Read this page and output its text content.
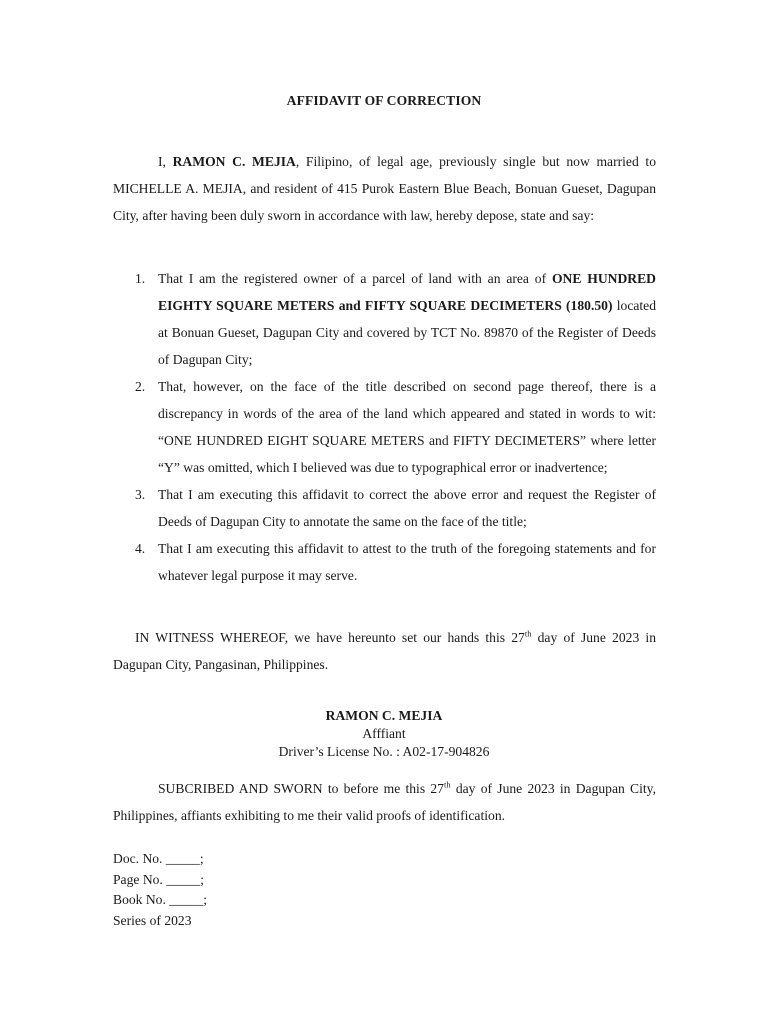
AFFIDAVIT OF CORRECTION

I, RAMON C. MEJIA, Filipino, of legal age, previously single but now married to MICHELLE A. MEJIA, and resident of 415 Purok Eastern Blue Beach, Bonuan Gueset, Dagupan City, after having been duly sworn in accordance with law, hereby depose, state and say:

1. That I am the registered owner of a parcel of land with an area of ONE HUNDRED EIGHTY SQUARE METERS and FIFTY SQUARE DECIMETERS (180.50) located at Bonuan Gueset, Dagupan City and covered by TCT No. 89870 of the Register of Deeds of Dagupan City;
2. That, however, on the face of the title described on second page thereof, there is a discrepancy in words of the area of the land which appeared and stated in words to wit: “ONE HUNDRED EIGHT SQUARE METERS and FIFTY DECIMETERS” where letter “Y” was omitted, which I believed was due to typographical error or inadvertence;
3. That I am executing this affidavit to correct the above error and request the Register of Deeds of Dagupan City to annotate the same on the face of the title;
4. That I am executing this affidavit to attest to the truth of the foregoing statements and for whatever legal purpose it may serve.

IN WITNESS WHEREOF, we have hereunto set our hands this 27th day of June 2023 in Dagupan City, Pangasinan, Philippines.

RAMON C. MEJIA
Afffiant
Driver’s License No. : A02-17-904826

SUBCRIBED AND SWORN to before me this 27th day of June 2023 in Dagupan City, Philippines, affiants exhibiting to me their valid proofs of identification.

Doc. No. _____;
Page No. _____;
Book No. _____;
Series of 2023
